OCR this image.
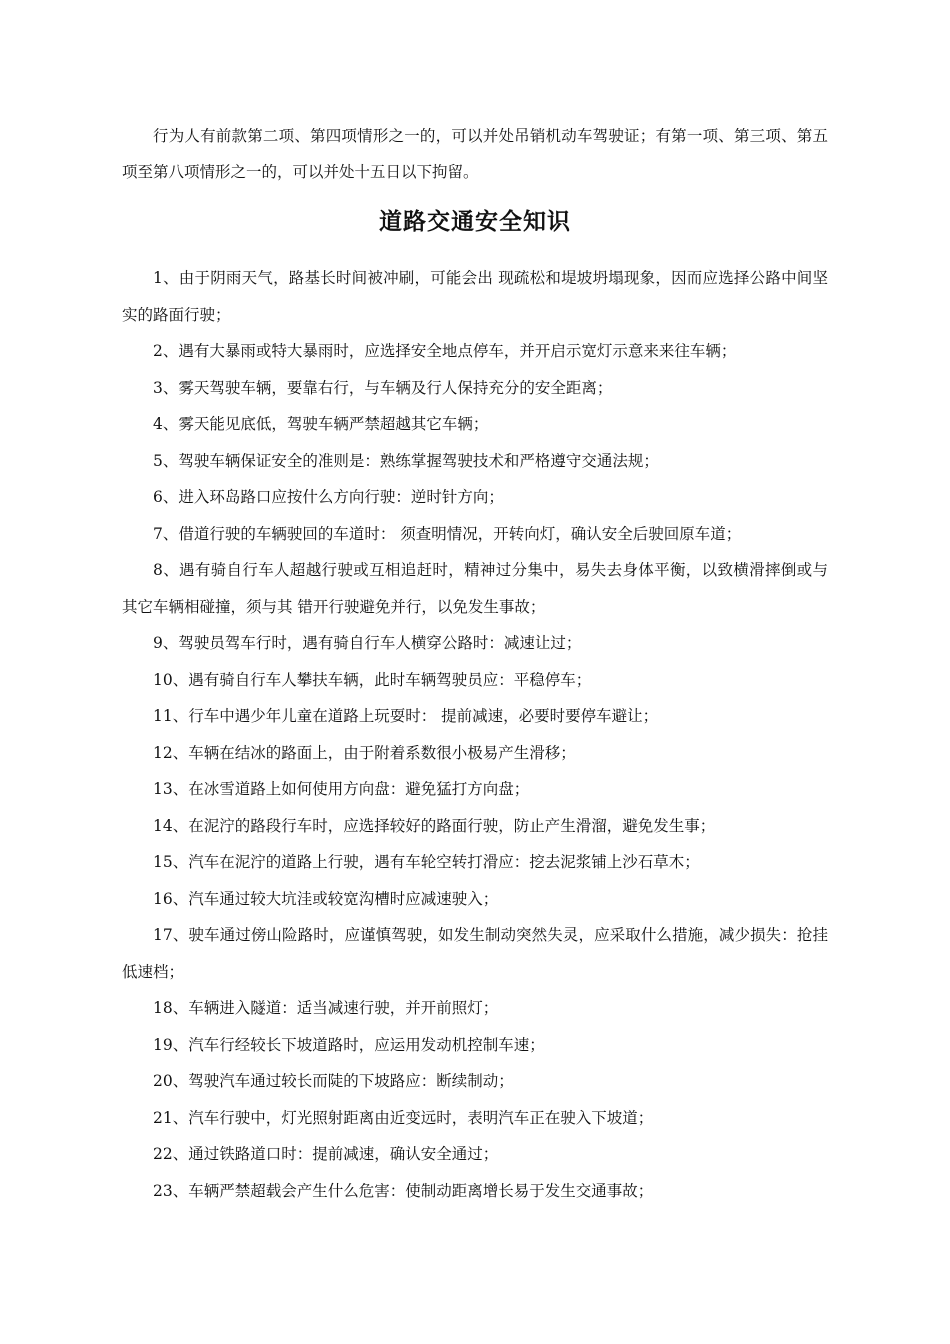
行为人有前款第二项、第四项情形之一的，可以并处吊销机动车驾驶证；有第一项、第三项、第五项至第八项情形之一的，可以并处十五日以下拘留。

道路交通安全知识
1、由于阴雨天气，路基长时间被冲刷，可能会出 现疏松和堤坡坍塌现象，因而应选择公路中间坚实的路面行驶；
2、遇有大暴雨或特大暴雨时，应选择安全地点停车，并开启示宽灯示意来来往车辆；
3、雾天驾驶车辆，要靠右行，与车辆及行人保持充分的安全距离；
4、雾天能见底低，驾驶车辆严禁超越其它车辆；
5、驾驶车辆保证安全的准则是：熟练掌握驾驶技术和严格遵守交通法规；
6、进入环岛路口应按什么方向行驶：逆时针方向；
7、借道行驶的车辆驶回的车道时： 须查明情况，开转向灯，确认安全后驶回原车道；
8、遇有骑自行车人超越行驶或互相追赶时，精神过分集中，易失去身体平衡，以致横滑摔倒或与其它车辆相碰撞，须与其 错开行驶避免并行，以免发生事故；
9、驾驶员驾车行时，遇有骑自行车人横穿公路时：减速让过；
10、遇有骑自行车人攀扶车辆，此时车辆驾驶员应：平稳停车；
11、行车中遇少年儿童在道路上玩耍时： 提前减速，必要时要停车避让；
12、车辆在结冰的路面上，由于附着系数很小极易产生滑移；
13、在冰雪道路上如何使用方向盘：避免猛打方向盘；
14、在泥泞的路段行车时，应选择较好的路面行驶，防止产生滑溜，避免发生事；
15、汽车在泥泞的道路上行驶，遇有车轮空转打滑应：挖去泥浆铺上沙石草木；
16、汽车通过较大坑洼或较宽沟槽时应减速驶入；
17、驶车通过傍山险路时，应谨慎驾驶，如发生制动突然失灵，应采取什么措施，减少损失：抢挂低速档；
18、车辆进入隧道：适当减速行驶，并开前照灯；
19、汽车行经较长下坡道路时，应运用发动机控制车速；
20、驾驶汽车通过较长而陡的下坡路应：断续制动；
21、汽车行驶中，灯光照射距离由近变远时，表明汽车正在驶入下坡道；
22、通过铁路道口时：提前减速，确认安全通过；
23、车辆严禁超载会产生什么危害：使制动距离增长易于发生交通事故；
